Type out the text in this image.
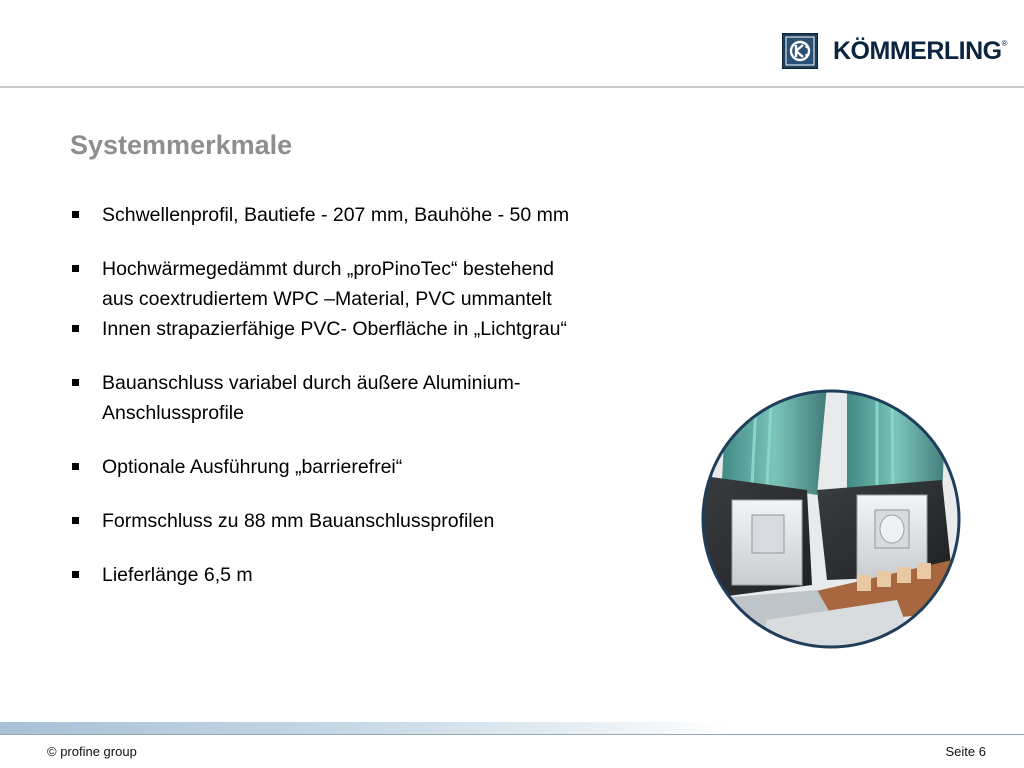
KÖMMERLING®
Systemmerkmale
Schwellenprofil, Bautiefe - 207 mm, Bauhöhe - 50 mm
Hochwärmegedämmt durch „proPinoTec“ bestehend
aus coextrudiertem WPC –Material, PVC ummantelt
Innen strapazierfähige PVC- Oberfläche in „Lichtgrau“
Bauanschluss variabel durch äußere Aluminium-
Anschlussprofile
Optionale Ausführung „barrierefrei“
Formschluss zu 88 mm Bauanschlussprofilen
Lieferlänge 6,5 m
© profine group	Seite 6
